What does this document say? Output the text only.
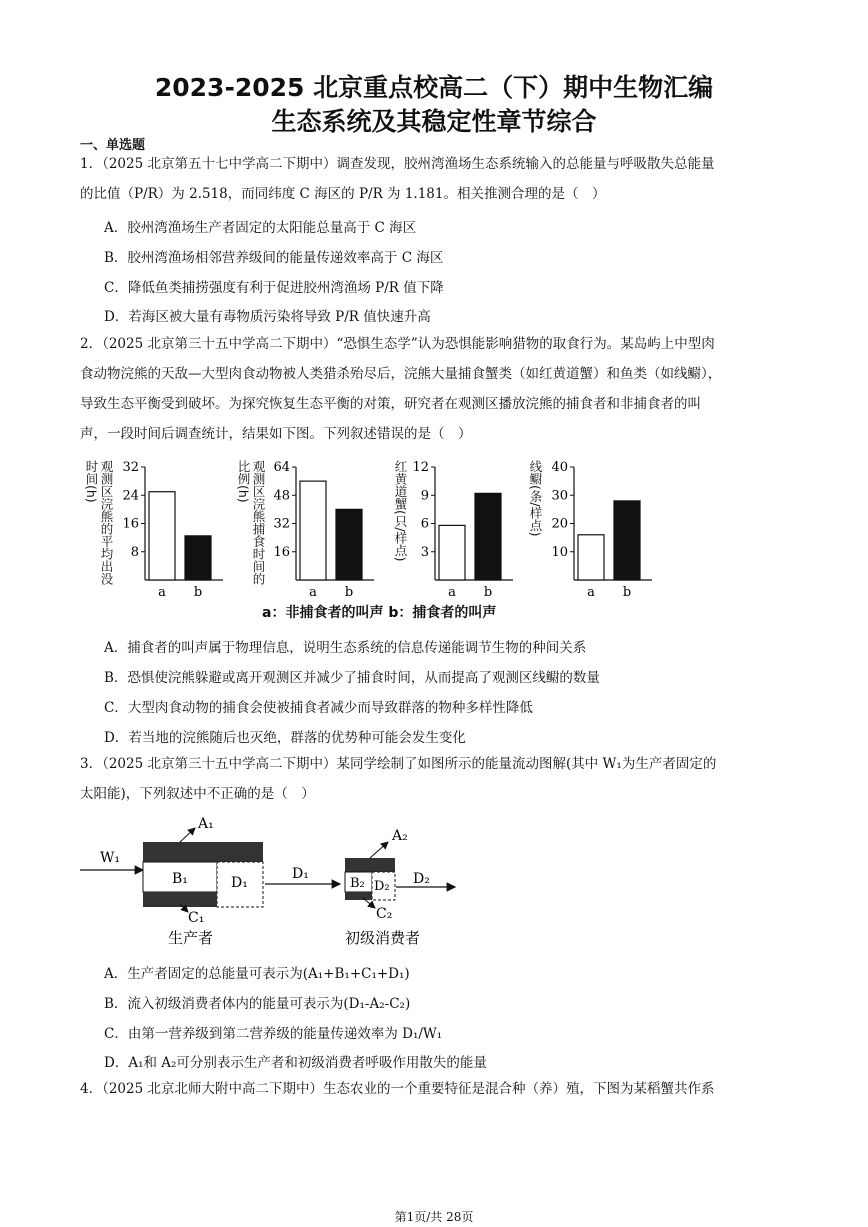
2023-2025 北京重点校高二（下）期中生物汇编
生态系统及其稳定性章节综合
一、单选题
1．（2025 北京第五十七中学高二下期中）调查发现，胶州湾渔场生态系统输入的总能量与呼吸散失总能量
的比值（P/R）为 2.518，而同纬度 C 海区的 P/R 为 1.181。相关推测合理的是（　）
A．胶州湾渔场生产者固定的太阳能总量高于 C 海区
B．胶州湾渔场相邻营养级间的能量传递效率高于 C 海区
C．降低鱼类捕捞强度有利于促进胶州湾渔场 P/R 值下降
D．若海区被大量有毒物质污染将导致 P/R 值快速升高
2．（2025 北京第三十五中学高二下期中）“恐惧生态学”认为恐惧能影响猎物的取食行为。某岛屿上中型肉
食动物浣熊的天敌—大型肉食动物被人类猎杀殆尽后，浣熊大量捕食蟹类（如红黄道蟹）和鱼类（如线鳚），
导致生态平衡受到破坏。为探究恢复生态平衡的对策，研究者在观测区播放浣熊的捕食者和非捕食者的叫
声，一段时间后调查统计，结果如下图。下列叙述错误的是（　）
8
16
24
32
a b
观测区浣熊的平均出没时间(h)
16
32
48
64
a b
观测区浣熊捕食时间的比例(h)
3
6
9
12
a b
红黄道蟹(只/样点)	10
20
30
40
a b
线鳚(条/样点)
a：非捕食者的叫声 b：捕食者的叫声
A．捕食者的叫声属于物理信息，说明生态系统的信息传递能调节生物的种间关系
B．恐惧使浣熊躲避或离开观测区并减少了捕食时间，从而提高了观测区线鳚的数量
C．大型肉食动物的捕食会使被捕食者减少而导致群落的物种多样性降低
D．若当地的浣熊随后也灭绝，群落的优势种可能会发生变化
3．（2025 北京第三十五中学高二下期中）某同学绘制了如图所示的能量流动图解(其中 W₁为生产者固定的
太阳能)，下列叙述中不正确的是（　）
W₁
B₁	D₁
A₁
C₁
生产者
D₁
B₂ D₂
A₂
C₂
D₂
初级消费者
A．生产者固定的总能量可表示为(A₁+B₁+C₁+D₁)
B．流入初级消费者体内的能量可表示为(D₁-A₂-C₂)
C．由第一营养级到第二营养级的能量传递效率为 D₁/W₁
D．A₁和 A₂可分别表示生产者和初级消费者呼吸作用散失的能量
4．（2025 北京北师大附中高二下期中）生态农业的一个重要特征是混合种（养）殖，下图为某稻蟹共作系
第1页/共 28页
